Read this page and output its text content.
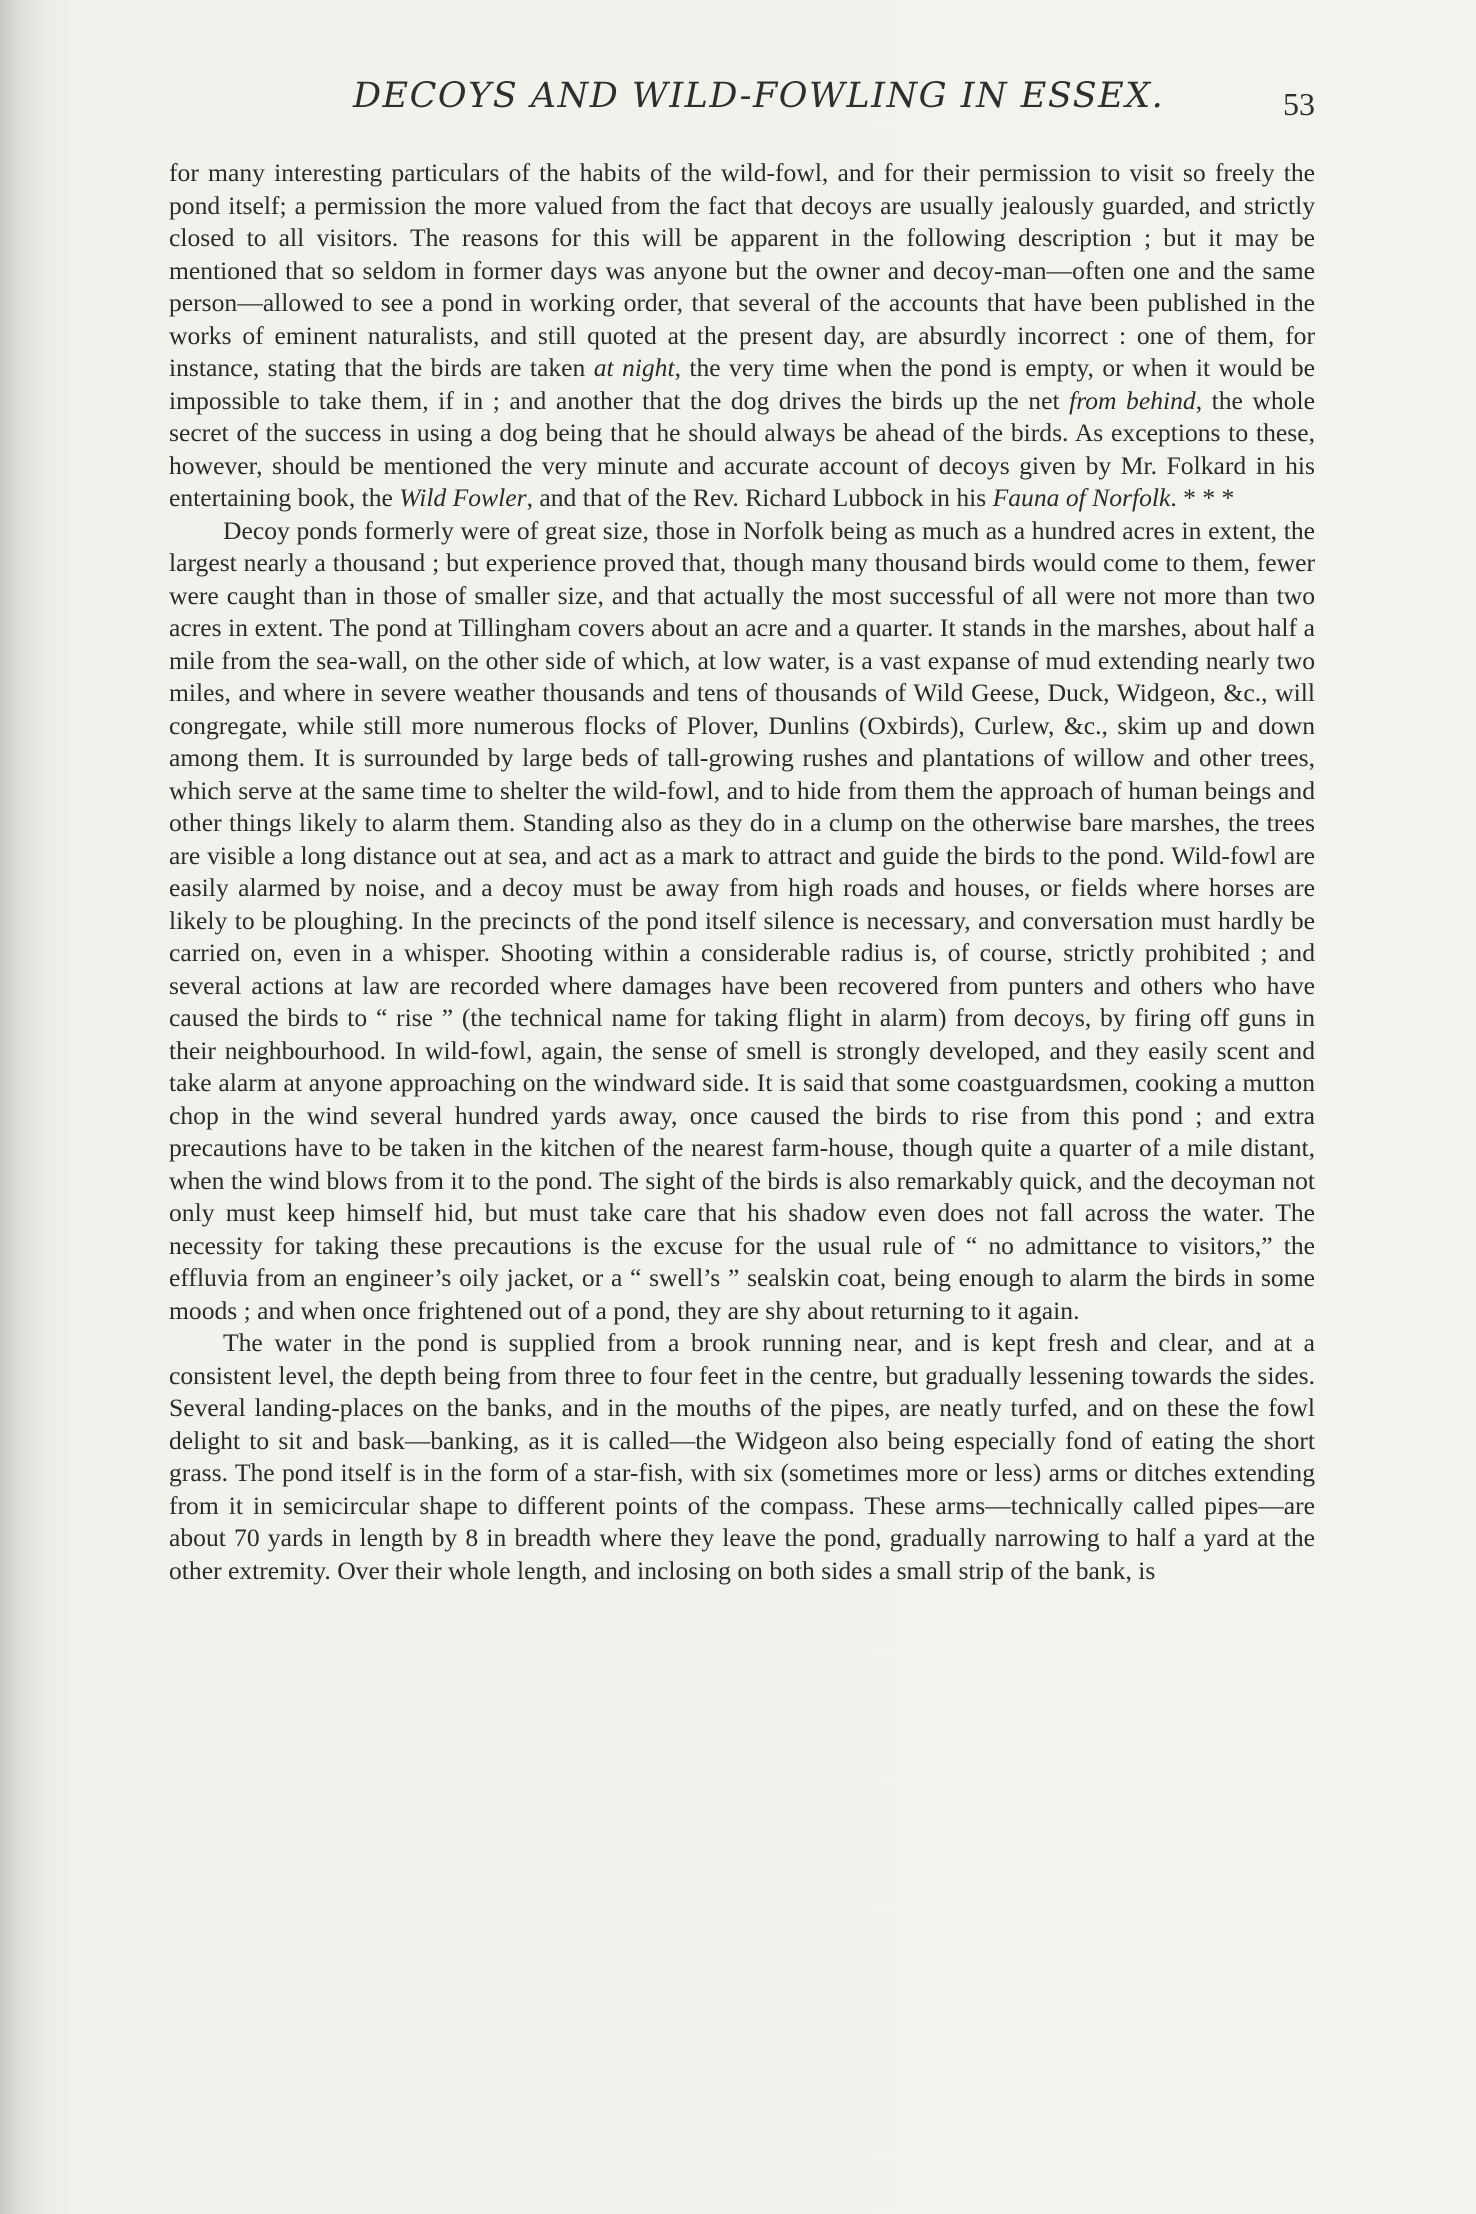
DECOYS AND WILD-FOWLING IN ESSEX.	53

for many interesting particulars of the habits of the wild-fowl, and for their permission to visit so freely the pond itself; a permission the more valued from the fact that decoys are usually jealously guarded, and strictly closed to all visitors. The reasons for this will be apparent in the following description ; but it may be mentioned that so seldom in former days was anyone but the owner and decoy-man—often one and the same person—allowed to see a pond in working order, that several of the accounts that have been published in the works of eminent naturalists, and still quoted at the present day, are absurdly incorrect : one of them, for instance, stating that the birds are taken at night, the very time when the pond is empty, or when it would be impossible to take them, if in ; and another that the dog drives the birds up the net from behind, the whole secret of the success in using a dog being that he should always be ahead of the birds. As exceptions to these, however, should be mentioned the very minute and accurate account of decoys given by Mr. Folkard in his entertaining book, the Wild Fowler, and that of the Rev. Richard Lubbock in his Fauna of Norfolk. * * *

Decoy ponds formerly were of great size, those in Norfolk being as much as a hundred acres in extent, the largest nearly a thousand ; but experience proved that, though many thousand birds would come to them, fewer were caught than in those of smaller size, and that actually the most successful of all were not more than two acres in extent. The pond at Tillingham covers about an acre and a quarter. It stands in the marshes, about half a mile from the sea-wall, on the other side of which, at low water, is a vast expanse of mud extending nearly two miles, and where in severe weather thousands and tens of thousands of Wild Geese, Duck, Widgeon, &c., will congregate, while still more numerous flocks of Plover, Dunlins (Oxbirds), Curlew, &c., skim up and down among them. It is surrounded by large beds of tall-growing rushes and plantations of willow and other trees, which serve at the same time to shelter the wild-fowl, and to hide from them the approach of human beings and other things likely to alarm them. Standing also as they do in a clump on the otherwise bare marshes, the trees are visible a long distance out at sea, and act as a mark to attract and guide the birds to the pond. Wild-fowl are easily alarmed by noise, and a decoy must be away from high roads and houses, or fields where horses are likely to be ploughing. In the precincts of the pond itself silence is necessary, and conversation must hardly be carried on, even in a whisper. Shooting within a considerable radius is, of course, strictly prohibited ; and several actions at law are recorded where damages have been recovered from punters and others who have caused the birds to “ rise ” (the technical name for taking flight in alarm) from decoys, by firing off guns in their neighbourhood. In wild-fowl, again, the sense of smell is strongly developed, and they easily scent and take alarm at anyone approaching on the windward side. It is said that some coastguardsmen, cooking a mutton chop in the wind several hundred yards away, once caused the birds to rise from this pond ; and extra precautions have to be taken in the kitchen of the nearest farm-house, though quite a quarter of a mile distant, when the wind blows from it to the pond. The sight of the birds is also remarkably quick, and the decoyman not only must keep himself hid, but must take care that his shadow even does not fall across the water. The necessity for taking these precautions is the excuse for the usual rule of “ no admittance to visitors,” the effluvia from an engineer’s oily jacket, or a “ swell’s ” sealskin coat, being enough to alarm the birds in some moods ; and when once frightened out of a pond, they are shy about returning to it again.

The water in the pond is supplied from a brook running near, and is kept fresh and clear, and at a consistent level, the depth being from three to four feet in the centre, but gradually lessening towards the sides. Several landing-places on the banks, and in the mouths of the pipes, are neatly turfed, and on these the fowl delight to sit and bask—banking, as it is called—the Widgeon also being especially fond of eating the short grass. The pond itself is in the form of a star-fish, with six (sometimes more or less) arms or ditches extending from it in semicircular shape to different points of the compass. These arms—technically called pipes—are about 70 yards in length by 8 in breadth where they leave the pond, gradually narrowing to half a yard at the other extremity. Over their whole length, and inclosing on both sides a small strip of the bank, is
